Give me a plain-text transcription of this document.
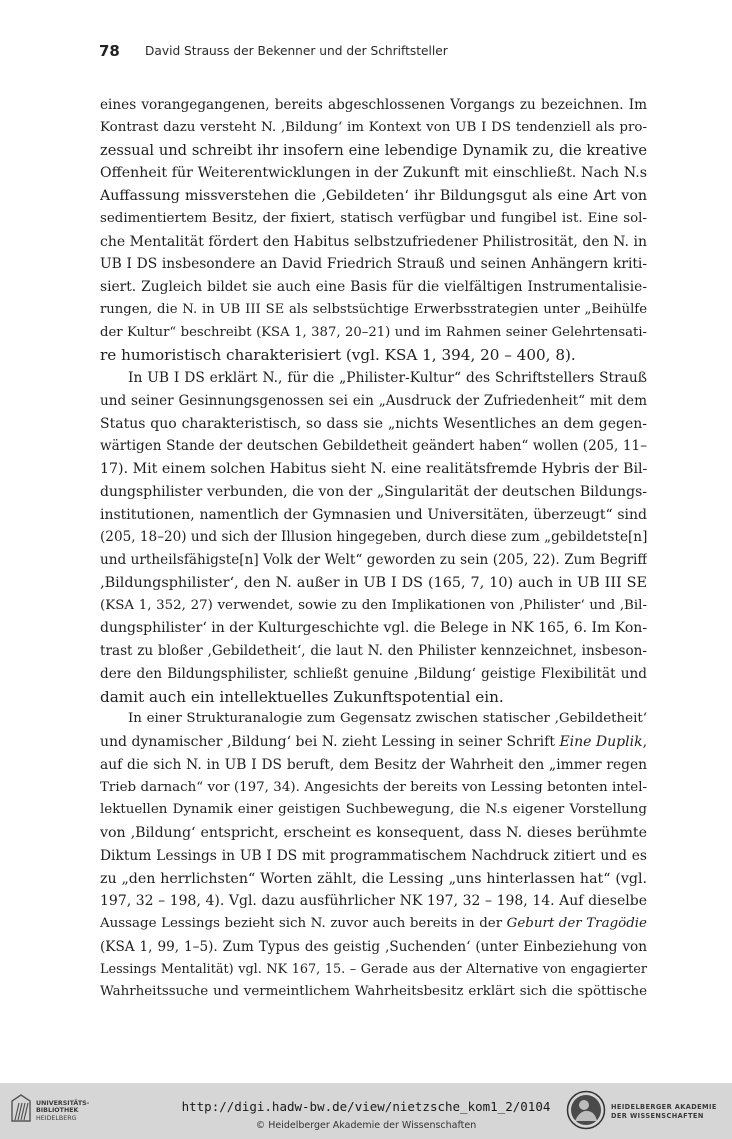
78 David Strauss der Bekenner und der Schriftsteller
eines vorangegangenen, bereits abgeschlossenen Vorgangs zu bezeichnen. Im
Kontrast dazu versteht N. ‚Bildung‘ im Kontext von UB I DS tendenziell als pro-
zessual und schreibt ihr insofern eine lebendige Dynamik zu, die kreative
Offenheit für Weiterentwicklungen in der Zukunft mit einschließt. Nach N.s
Auffassung missverstehen die ‚Gebildeten‘ ihr Bildungsgut als eine Art von
sedimentiertem Besitz, der fixiert, statisch verfügbar und fungibel ist. Eine sol-
che Mentalität fördert den Habitus selbstzufriedener Philistrosität, den N. in
UB I DS insbesondere an David Friedrich Strauß und seinen Anhängern kriti-
siert. Zugleich bildet sie auch eine Basis für die vielfältigen Instrumentalisie-
rungen, die N. in UB III SE als selbstsüchtige Erwerbsstrategien unter „Beihülfe
der Kultur“ beschreibt (KSA 1, 387, 20–21) und im Rahmen seiner Gelehrtensati-
re humoristisch charakterisiert (vgl. KSA 1, 394, 20 – 400, 8).
In UB I DS erklärt N., für die „Philister-Kultur“ des Schriftstellers Strauß
und seiner Gesinnungsgenossen sei ein „Ausdruck der Zufriedenheit“ mit dem
Status quo charakteristisch, so dass sie „nichts Wesentliches an dem gegen-
wärtigen Stande der deutschen Gebildetheit geändert haben“ wollen (205, 11–
17). Mit einem solchen Habitus sieht N. eine realitätsfremde Hybris der Bil-
dungsphilister verbunden, die von der „Singularität der deutschen Bildungs-
institutionen, namentlich der Gymnasien und Universitäten, überzeugt“ sind
(205, 18–20) und sich der Illusion hingegeben, durch diese zum „gebildetste[n]
und urtheilsfähigste[n] Volk der Welt“ geworden zu sein (205, 22). Zum Begriff
‚Bildungsphilister‘, den N. außer in UB I DS (165, 7, 10) auch in UB III SE
(KSA 1, 352, 27) verwendet, sowie zu den Implikationen von ‚Philister‘ und ‚Bil-
dungsphilister‘ in der Kulturgeschichte vgl. die Belege in NK 165, 6. Im Kon-
trast zu bloßer ‚Gebildetheit‘, die laut N. den Philister kennzeichnet, insbeson-
dere den Bildungsphilister, schließt genuine ‚Bildung‘ geistige Flexibilität und
damit auch ein intellektuelles Zukunftspotential ein.
In einer Strukturanalogie zum Gegensatz zwischen statischer ‚Gebildetheit‘
und dynamischer ‚Bildung‘ bei N. zieht Lessing in seiner Schrift Eine Duplik,
auf die sich N. in UB I DS beruft, dem Besitz der Wahrheit den „immer regen
Trieb darnach“ vor (197, 34). Angesichts der bereits von Lessing betonten intel-
lektuellen Dynamik einer geistigen Suchbewegung, die N.s eigener Vorstellung
von ‚Bildung‘ entspricht, erscheint es konsequent, dass N. dieses berühmte
Diktum Lessings in UB I DS mit programmatischem Nachdruck zitiert und es
zu „den herrlichsten“ Worten zählt, die Lessing „uns hinterlassen hat“ (vgl.
197, 32 – 198, 4). Vgl. dazu ausführlicher NK 197, 32 – 198, 14. Auf dieselbe
Aussage Lessings bezieht sich N. zuvor auch bereits in der Geburt der Tragödie
(KSA 1, 99, 1–5). Zum Typus des geistig ‚Suchenden‘ (unter Einbeziehung von
Lessings Mentalität) vgl. NK 167, 15. – Gerade aus der Alternative von engagierter
Wahrheitssuche und vermeintlichem Wahrheitsbesitz erklärt sich die spöttische
UNIVERSITÄTS-
BIBLIOTHEK
HEIDELBERG
http://digi.hadw-bw.de/view/nietzsche_kom1_2/0104
© Heidelberger Akademie der Wissenschaften
HEIDELBERGER AKADEMIE
DER WISSENSCHAFTEN
